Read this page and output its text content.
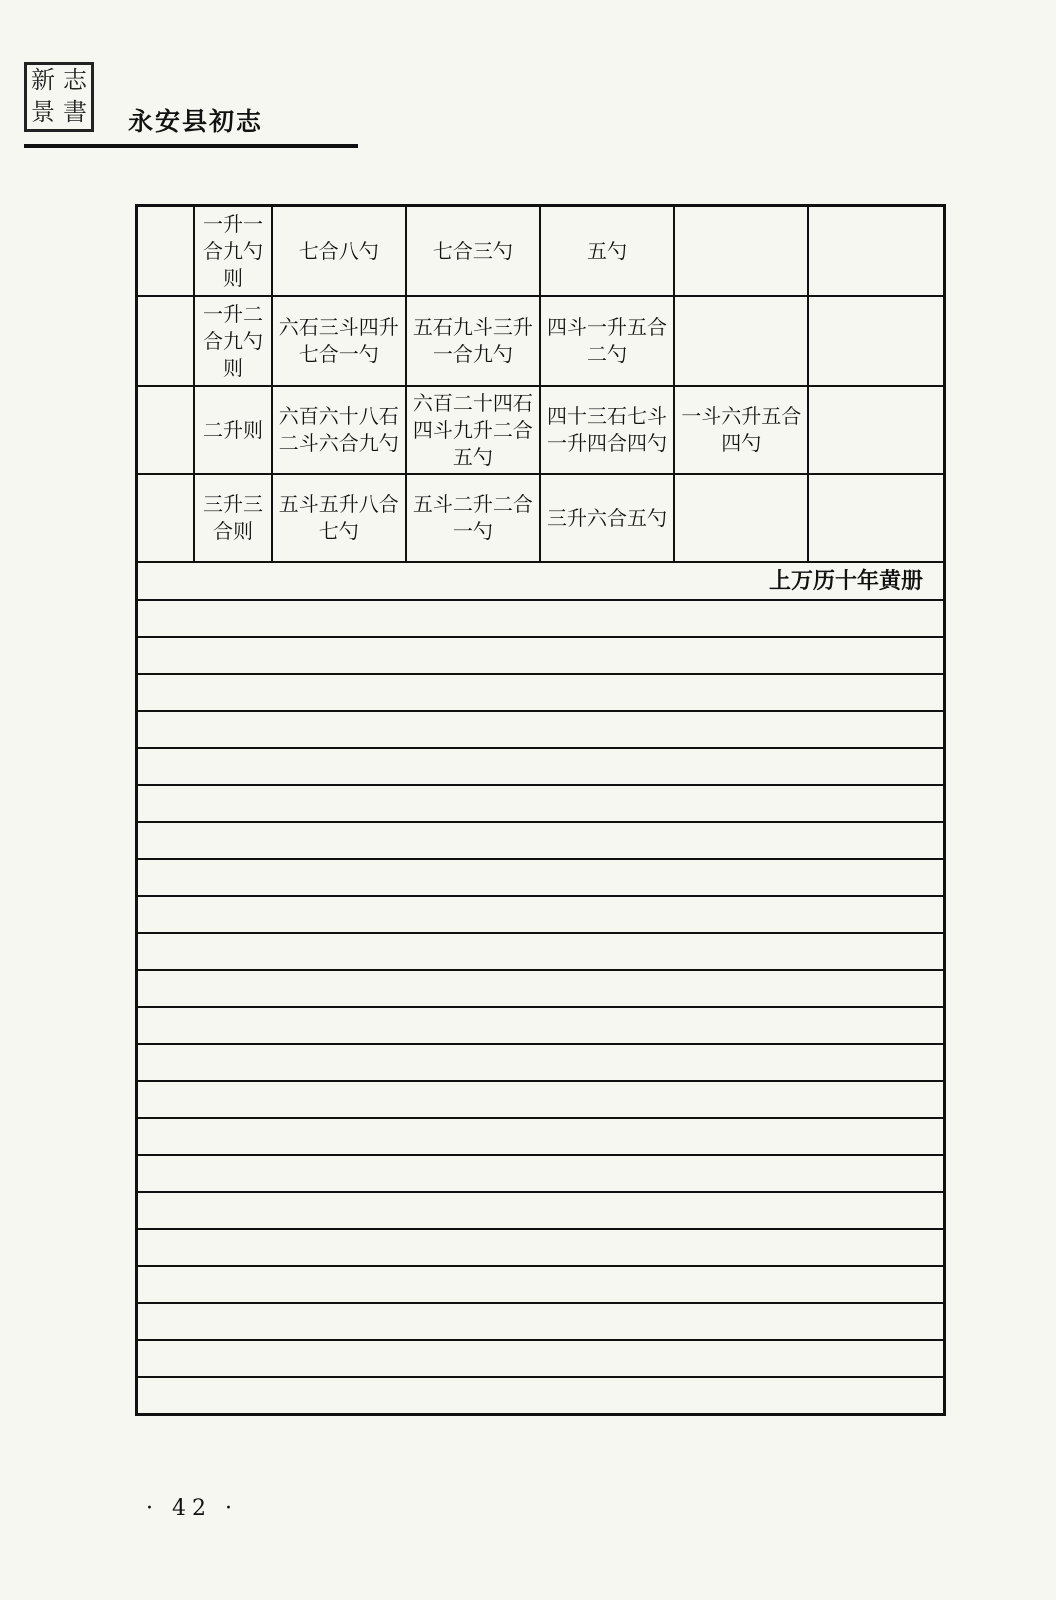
新 志
景 書 永安县初志
	一升一合九勺则	七合八勺	七合三勺	五勺		
	一升二合九勺则	六石三斗四升七合一勺	五石九斗三升一合九勺	四斗一升五合二勺		
	二升则	六百六十八石二斗六合九勺	六百二十四石四斗九升二合五勺	四十三石七斗一升四合四勺	一斗六升五合四勺	
	三升三合则	五斗五升八合七勺	五斗二升二合一勺	三升六合五勺		
上万历十年黄册						

· 42 ·
